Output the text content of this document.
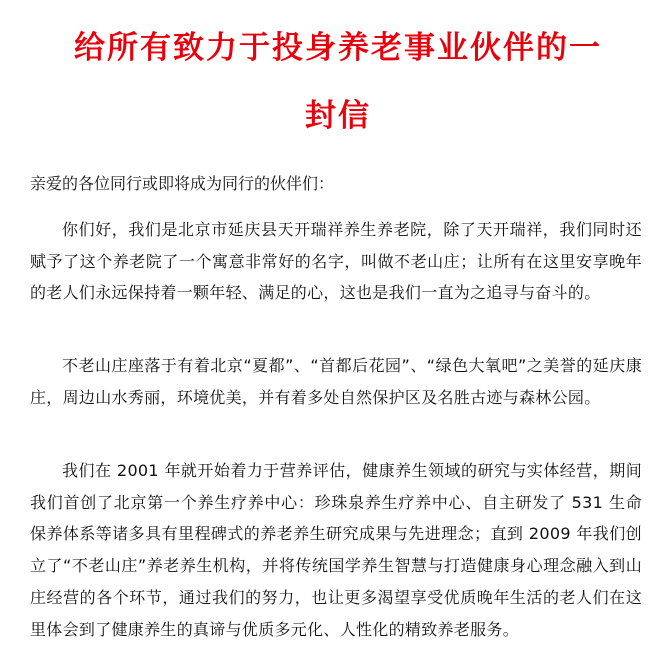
给所有致力于投身养老事业伙伴的一
封信

亲爱的各位同行或即将成为同行的伙伴们：

你们好，我们是北京市延庆县天开瑞祥养生养老院，除了天开瑞祥，我们同时还赋予了这个养老院了一个寓意非常好的名字，叫做不老山庄；让所有在这里安享晚年的老人们永远保持着一颗年轻、满足的心，这也是我们一直为之追寻与奋斗的。

不老山庄座落于有着北京“夏都”、“首都后花园”、“绿色大氧吧”之美誉的延庆康庄，周边山水秀丽，环境优美，并有着多处自然保护区及名胜古迹与森林公园。

我们在 2001 年就开始着力于营养评估，健康养生领域的研究与实体经营，期间我们首创了北京第一个养生疗养中心：珍珠泉养生疗养中心、自主研发了 531 生命保养体系等诸多具有里程碑式的养老养生研究成果与先进理念；直到 2009 年我们创立了“不老山庄”养老养生机构，并将传统国学养生智慧与打造健康身心理念融入到山庄经营的各个环节，通过我们的努力，也让更多渴望享受优质晚年生活的老人们在这里体会到了健康养生的真谛与优质多元化、人性化的精致养老服务。
